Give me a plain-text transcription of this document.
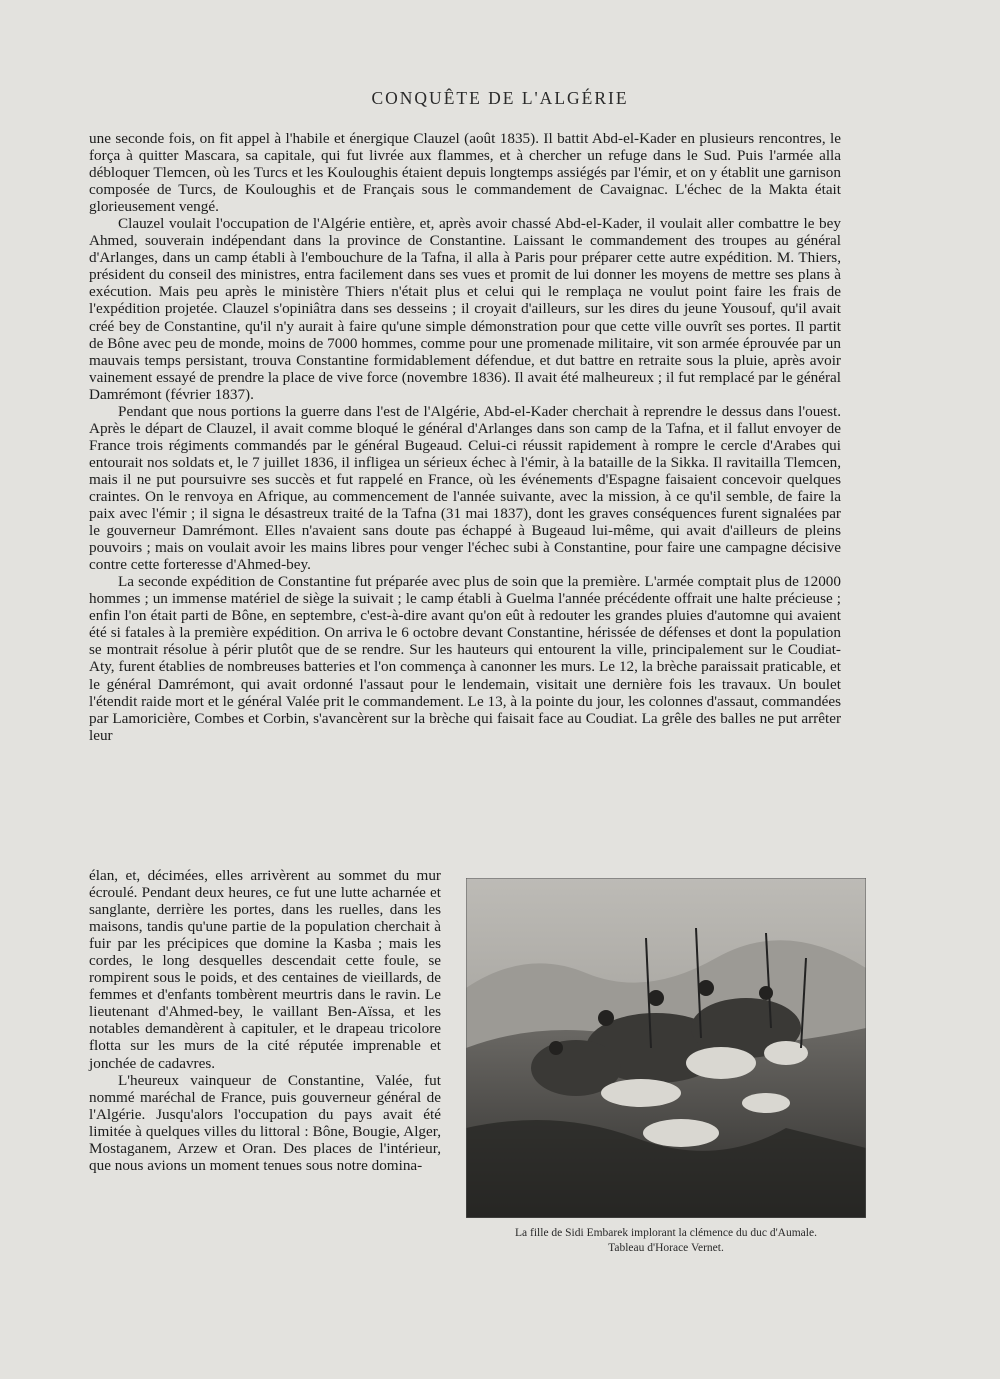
CONQUÊTE DE L'ALGÉRIE

une seconde fois, on fit appel à l'habile et énergique Clauzel (août 1835). Il battit Abd-el-Kader en plusieurs rencontres, le força à quitter Mascara, sa capitale, qui fut livrée aux flammes, et à chercher un refuge dans le Sud. Puis l'armée alla débloquer Tlemcen, où les Turcs et les Kouloughis étaient depuis longtemps assiégés par l'émir, et on y établit une garnison composée de Turcs, de Kouloughis et de Français sous le commandement de Cavaignac. L'échec de la Makta était glorieusement vengé.

Clauzel voulait l'occupation de l'Algérie entière, et, après avoir chassé Abd-el-Kader, il voulait aller combattre le bey Ahmed, souverain indépendant dans la province de Constantine. Laissant le commandement des troupes au général d'Arlanges, dans un camp établi à l'embouchure de la Tafna, il alla à Paris pour préparer cette autre expédition. M. Thiers, président du conseil des ministres, entra facilement dans ses vues et promit de lui donner les moyens de mettre ses plans à exécution. Mais peu après le ministère Thiers n'était plus et celui qui le remplaça ne voulut point faire les frais de l'expédition projetée. Clauzel s'opiniâtra dans ses desseins ; il croyait d'ailleurs, sur les dires du jeune Yousouf, qu'il avait créé bey de Constantine, qu'il n'y aurait à faire qu'une simple démonstration pour que cette ville ouvrît ses portes. Il partit de Bône avec peu de monde, moins de 7000 hommes, comme pour une promenade militaire, vit son armée éprouvée par un mauvais temps persistant, trouva Constantine formidablement défendue, et dut battre en retraite sous la pluie, après avoir vainement essayé de prendre la place de vive force (novembre 1836). Il avait été malheureux ; il fut remplacé par le général Damrémont (février 1837).

Pendant que nous portions la guerre dans l'est de l'Algérie, Abd-el-Kader cherchait à reprendre le dessus dans l'ouest. Après le départ de Clauzel, il avait comme bloqué le général d'Arlanges dans son camp de la Tafna, et il fallut envoyer de France trois régiments commandés par le général Bugeaud. Celui-ci réussit rapidement à rompre le cercle d'Arabes qui entourait nos soldats et, le 7 juillet 1836, il infligea un sérieux échec à l'émir, à la bataille de la Sikka. Il ravitailla Tlemcen, mais il ne put poursuivre ses succès et fut rappelé en France, où les événements d'Espagne faisaient concevoir quelques craintes. On le renvoya en Afrique, au commencement de l'année suivante, avec la mission, à ce qu'il semble, de faire la paix avec l'émir ; il signa le désastreux traité de la Tafna (31 mai 1837), dont les graves conséquences furent signalées par le gouverneur Damrémont. Elles n'avaient sans doute pas échappé à Bugeaud lui-même, qui avait d'ailleurs de pleins pouvoirs ; mais on voulait avoir les mains libres pour venger l'échec subi à Constantine, pour faire une campagne décisive contre cette forteresse d'Ahmed-bey.

La seconde expédition de Constantine fut préparée avec plus de soin que la première. L'armée comptait plus de 12000 hommes ; un immense matériel de siège la suivait ; le camp établi à Guelma l'année précédente offrait une halte précieuse ; enfin l'on était parti de Bône, en septembre, c'est-à-dire avant qu'on eût à redouter les grandes pluies d'automne qui avaient été si fatales à la première expédition. On arriva le 6 octobre devant Constantine, hérissée de défenses et dont la population se montrait résolue à périr plutôt que de se rendre. Sur les hauteurs qui entourent la ville, principalement sur le Coudiat-Aty, furent établies de nombreuses batteries et l'on commença à canonner les murs. Le 12, la brèche paraissait praticable, et le général Damrémont, qui avait ordonné l'assaut pour le lendemain, visitait une dernière fois les travaux. Un boulet l'étendit raide mort et le général Valée prit le commandement. Le 13, à la pointe du jour, les colonnes d'assaut, commandées par Lamoricière, Combes et Corbin, s'avancèrent sur la brèche qui faisait face au Coudiat. La grêle des balles ne put arrêter leur

élan, et, décimées, elles arrivèrent au sommet du mur écroulé. Pendant deux heures, ce fut une lutte acharnée et sanglante, derrière les portes, dans les ruelles, dans les maisons, tandis qu'une partie de la population cherchait à fuir par les précipices que domine la Kasba ; mais les cordes, le long desquelles descendait cette foule, se rompirent sous le poids, et des centaines de vieillards, de femmes et d'enfants tombèrent meurtris dans le ravin. Le lieutenant d'Ahmed-bey, le vaillant Ben-Aïssa, et les notables demandèrent à capituler, et le drapeau tricolore flotta sur les murs de la cité réputée imprenable et jonchée de cadavres.

L'heureux vainqueur de Constantine, Valée, fut nommé maréchal de France, puis gouverneur général de l'Algérie. Jusqu'alors l'occupation du pays avait été limitée à quelques villes du littoral : Bône, Bougie, Alger, Mostaganem, Arzew et Oran. Des places de l'intérieur, que nous avions un moment tenues sous notre domina-

La fille de Sidi Embarek implorant la clémence du duc d'Aumale.
Tableau d'Horace Vernet.
